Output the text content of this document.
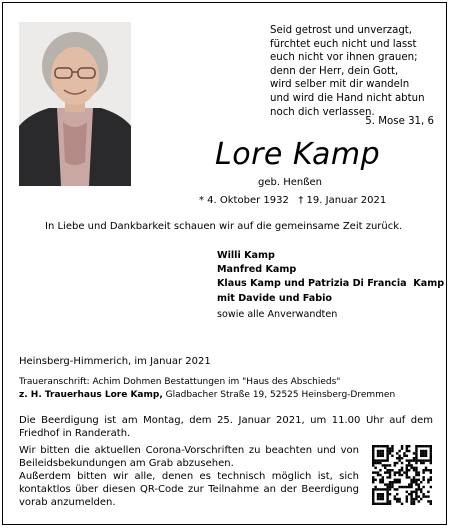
Seid getrost und unverzagt,
fürchtet euch nicht und lasst
euch nicht vor ihnen grauen;
denn der Herr, dein Gott,
wird selber mit dir wandeln
und wird die Hand nicht abtun
noch dich verlassen.
5. Mose 31, 6
Lore Kamp
geb. Henßen
* 4. Oktober 1932   † 19. Januar 2021
In Liebe und Dankbarkeit schauen wir auf die gemeinsame Zeit zurück.
Willi Kamp
Manfred Kamp
Klaus Kamp und Patrizia Di Francia  Kamp
mit Davide und Fabio
sowie alle Anverwandten
Heinsberg-Himmerich, im Januar 2021
Traueranschrift: Achim Dohmen Bestattungen im "Haus des Abschieds"
z. H. Trauerhaus Lore Kamp, Gladbacher Straße 19, 52525 Heinsberg-Dremmen
Die Beerdigung ist am Montag, dem 25. Januar 2021, um 11.00 Uhr auf dem Friedhof in Randerath.
Wir bitten die aktuellen Corona-Vorschriften zu beachten und von Beileidsbekundungen am Grab abzusehen.
Außerdem bitten wir alle, denen es technisch möglich ist, sich kontaktlos über diesen QR-Code zur Teilnahme an der Beerdigung vorab anzumelden.
